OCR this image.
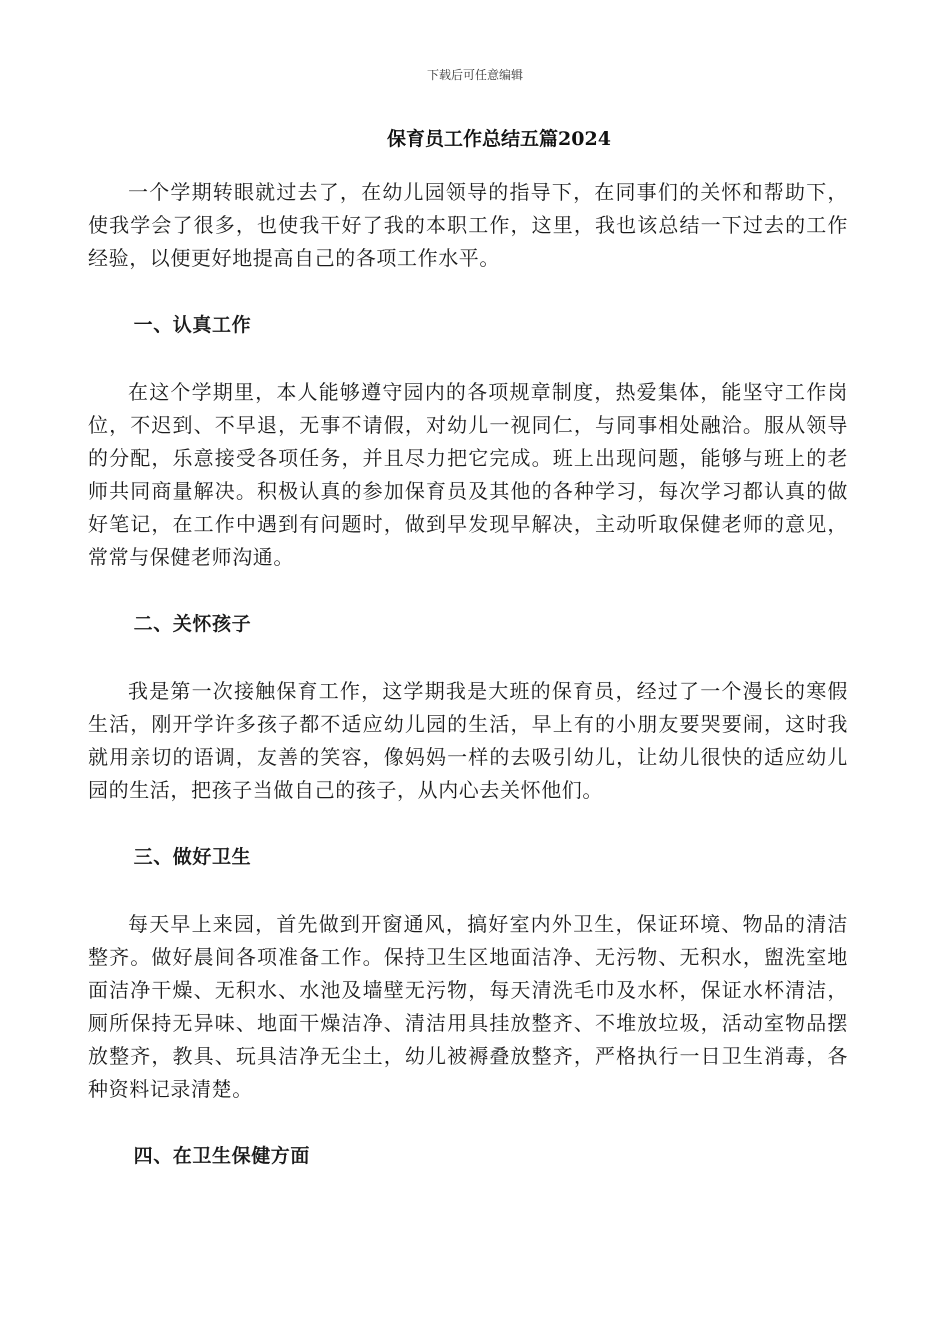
下载后可任意编辑
保育员工作总结五篇2024

一个学期转眼就过去了，在幼儿园领导的指导下，在同事们的关怀和帮助下，使我学会了很多，也使我干好了我的本职工作，这里，我也该总结一下过去的工作经验，以便更好地提高自己的各项工作水平。

一、认真工作

在这个学期里，本人能够遵守园内的各项规章制度，热爱集体，能坚守工作岗位，不迟到、不早退，无事不请假，对幼儿一视同仁，与同事相处融洽。服从领导的分配，乐意接受各项任务，并且尽力把它完成。班上出现问题，能够与班上的老师共同商量解决。积极认真的参加保育员及其他的各种学习，每次学习都认真的做好笔记，在工作中遇到有问题时，做到早发现早解决，主动听取保健老师的意见，常常与保健老师沟通。

二、关怀孩子

我是第一次接触保育工作，这学期我是大班的保育员，经过了一个漫长的寒假生活，刚开学许多孩子都不适应幼儿园的生活，早上有的小朋友要哭要闹，这时我就用亲切的语调，友善的笑容，像妈妈一样的去吸引幼儿，让幼儿很快的适应幼儿园的生活，把孩子当做自己的孩子，从内心去关怀他们。

三、做好卫生

每天早上来园，首先做到开窗通风，搞好室内外卫生，保证环境、物品的清洁整齐。做好晨间各项准备工作。保持卫生区地面洁净、无污物、无积水，盥洗室地面洁净干燥、无积水、水池及墙壁无污物，每天清洗毛巾及水杯，保证水杯清洁，厕所保持无异味、地面干燥洁净、清洁用具挂放整齐、不堆放垃圾，活动室物品摆放整齐，教具、玩具洁净无尘土，幼儿被褥叠放整齐，严格执行一日卫生消毒，各种资料记录清楚。

四、在卫生保健方面
